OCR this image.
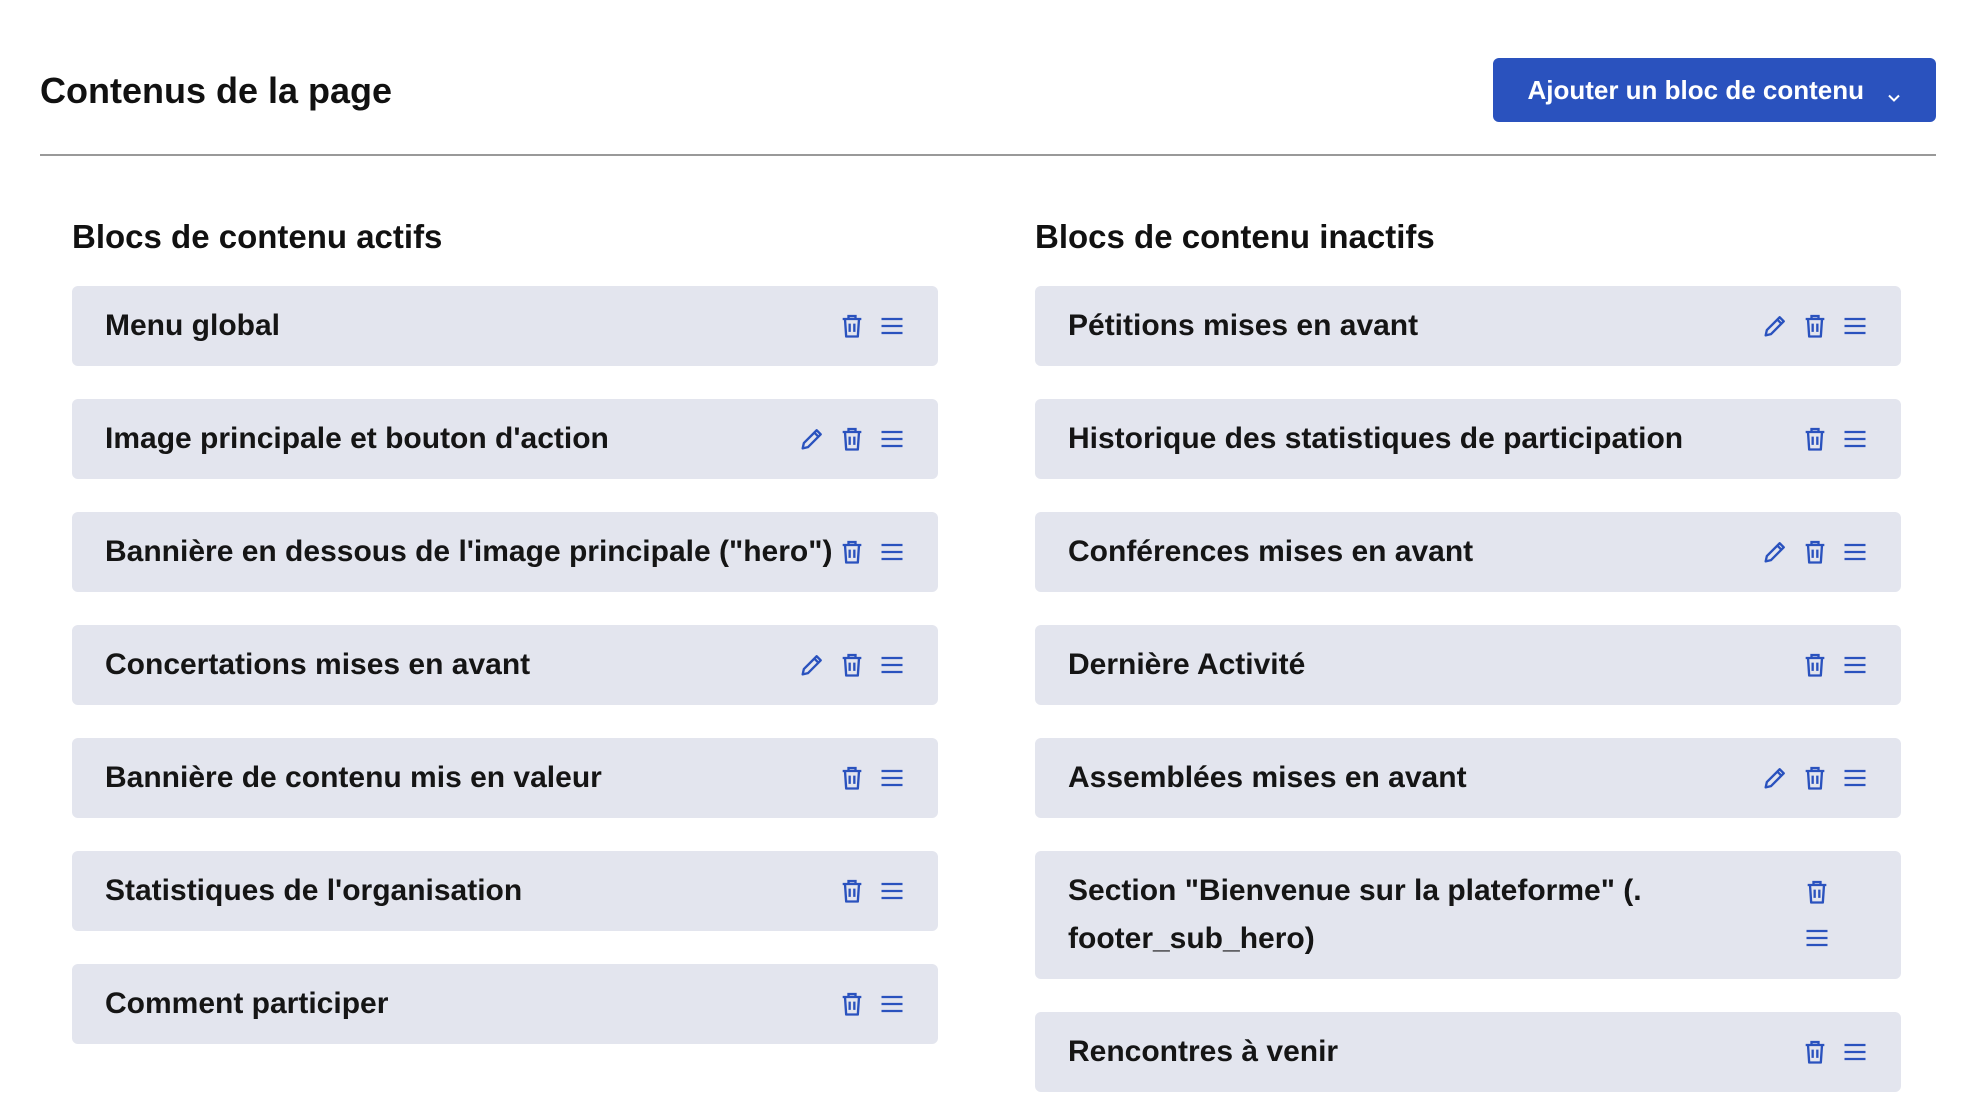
Contenus de la page	Ajouter un bloc de contenu
Blocs de contenu actifs
Menu global
Image principale et bouton d'action
Bannière en dessous de l'image principale ("hero")
Concertations mises en avant
Bannière de contenu mis en valeur
Statistiques de l'organisation
Comment participer
Blocs de contenu inactifs
Pétitions mises en avant
Historique des statistiques de participation
Conférences mises en avant
Dernière Activité
Assemblées mises en avant
Section "Bienvenue sur la plateforme" (. footer_sub_hero)
Rencontres à venir
